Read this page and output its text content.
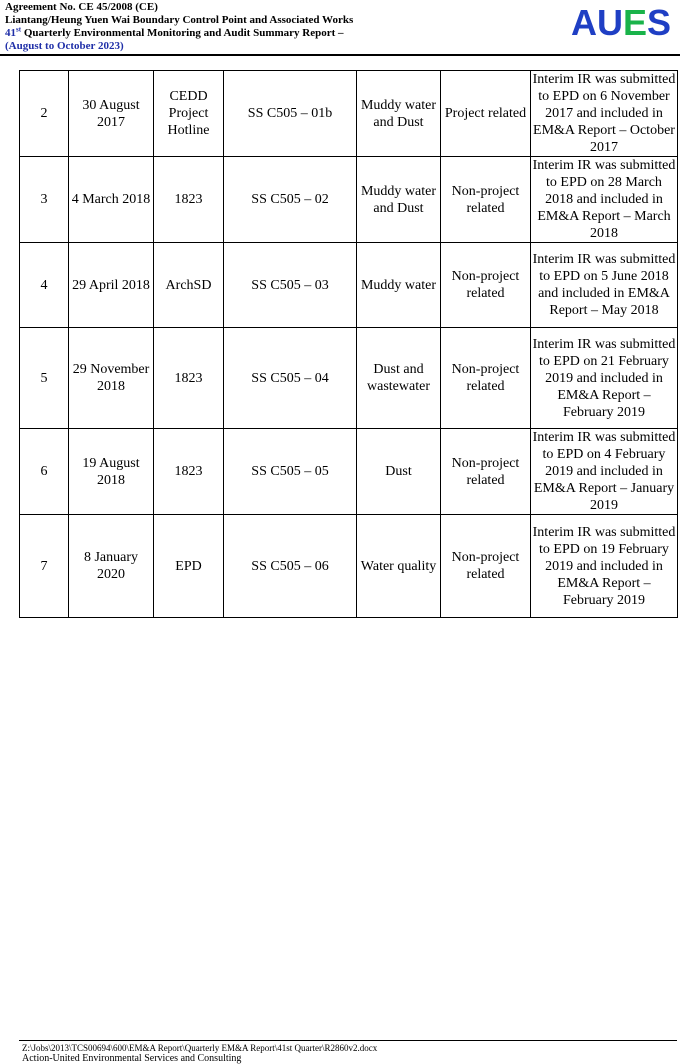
Agreement No. CE 45/2008 (CE)
Liantang/Heung Yuen Wai Boundary Control Point and Associated Works
41st Quarterly Environmental Monitoring and Audit Summary Report –
(August to October 2023)
AUES
2	30 August 2017	CEDD Project Hotline	SS C505 – 01b	Muddy water and Dust	Project related	Interim IR was submitted to EPD on 6 November 2017 and included in EM&A Report – October 2017
3	4 March 2018	1823	SS C505 – 02	Muddy water and Dust	Non-project related	Interim IR was submitted to EPD on 28 March 2018 and included in EM&A Report – March 2018
4	29 April 2018	ArchSD	SS C505 – 03	Muddy water	Non-project related	Interim IR was submitted to EPD on 5 June 2018 and included in EM&A Report – May 2018
5	29 November 2018	1823	SS C505 – 04	Dust and wastewater	Non-project related	Interim IR was submitted to EPD on 21 February 2019 and included in EM&A Report – February 2019
6	19 August 2018	1823	SS C505 – 05	Dust	Non-project related	Interim IR was submitted to EPD on 4 February 2019 and included in EM&A Report – January 2019
7	8 January 2020	EPD	SS C505 – 06	Water quality	Non-project related	Interim IR was submitted to EPD on 19 February 2019 and included in EM&A Report – February 2019
Z:\Jobs\2013\TCS00694\600\EM&A Report\Quarterly EM&A Report\41st Quarter\R2860v2.docx
Action-United Environmental Services and Consulting
